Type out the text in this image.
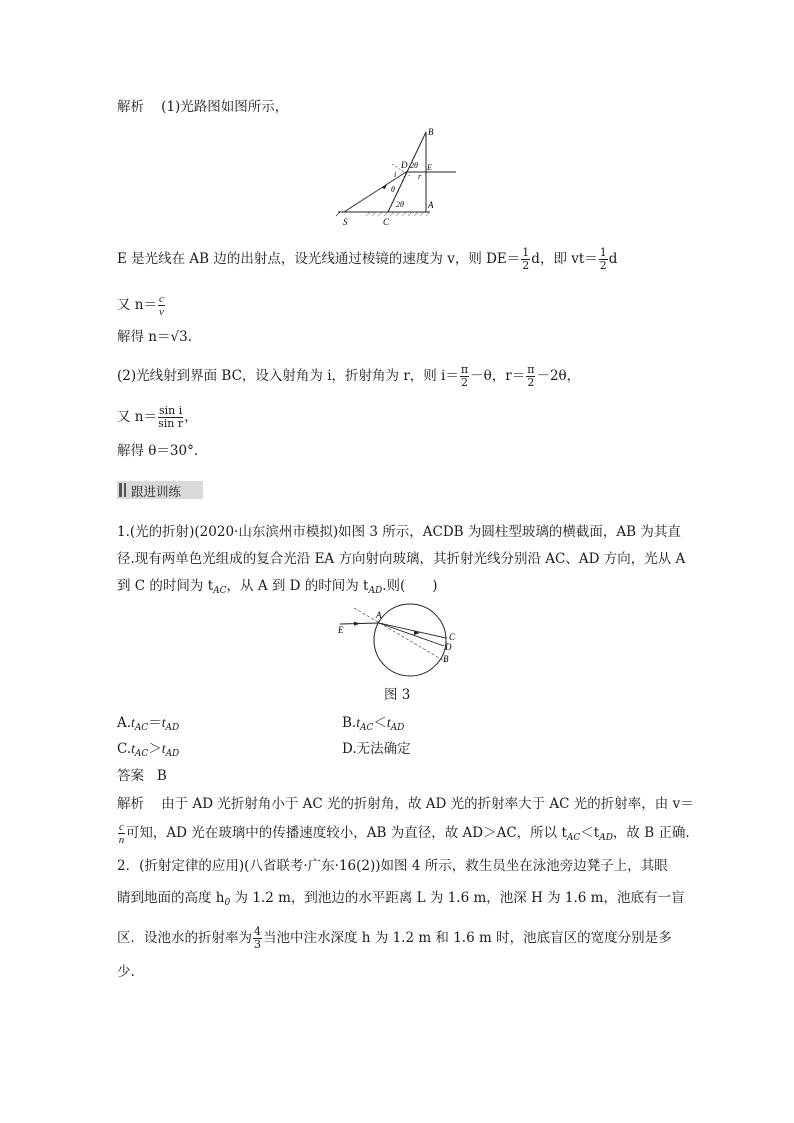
解析 (1)光路图如图所示，
B
D 2θ E
i	r
θ
2θ	A
S	C
E 是光线在 AB 边的出射点，设光线通过棱镜的速度为 v，则 $DE= \frac{1}{2}$ d，即 $vt= \frac{1}{2}$ d
又 $n= \frac{c}{v}$
解得 n＝√3.
(2)光线射到界面 BC，设入射角为 i，折射角为 r，则 $i= \frac{\pi}{2} -\theta$，$r= \frac{\pi}{2} -2\theta$，
又 $n= \frac{\text{sin i}}{\text{sin r}}$ ，
解得 θ＝30°.
跟进训练
1.(光的折射)(2020·山东滨州市模拟)如图 3 所示，ACDB 为圆柱型玻璃的横截面，AB 为其直
径.现有两单色光组成的复合光沿 EA 方向射向玻璃，其折射光线分别沿 AC、AD 方向，光从 A
到 C 的时间为 $t_{AC}$，从 A 到 D 的时间为 $t_{AD}$.则(　　)
E
A
C
D
B
图 3
$A.t_{AC}=t_{AD}$	$B.t_{AC}<t_{AD}$
$C.t_{AC}>t_{AD}$	D.无法确定
答案 B
解析 由于 AD 光折射角小于 AC 光的折射角，故 AD 光的折射率大于 AC 光的折射率，由 v＝
$\frac{c}{n}$ 可知，AD 光在玻璃中的传播速度较小，AB 为直径，故 AD＞AC，所以 $t_{AC}<t_{AD}$，故 B 正确.
2．(折射定律的应用)(八省联考·广东·16(2))如图 4 所示，救生员坐在泳池旁边凳子上，其眼
睛到地面的高度 $h_0$ 为 1.2 m，到池边的水平距离 L 为 1.6 m，池深 H 为 1.6 m，池底有一盲
区．设池水的折射率为 $\frac{4}{3}$ 当池中注水深度 h 为 1.2 m 和 1.6 m 时，池底盲区的宽度分别是多
少.
